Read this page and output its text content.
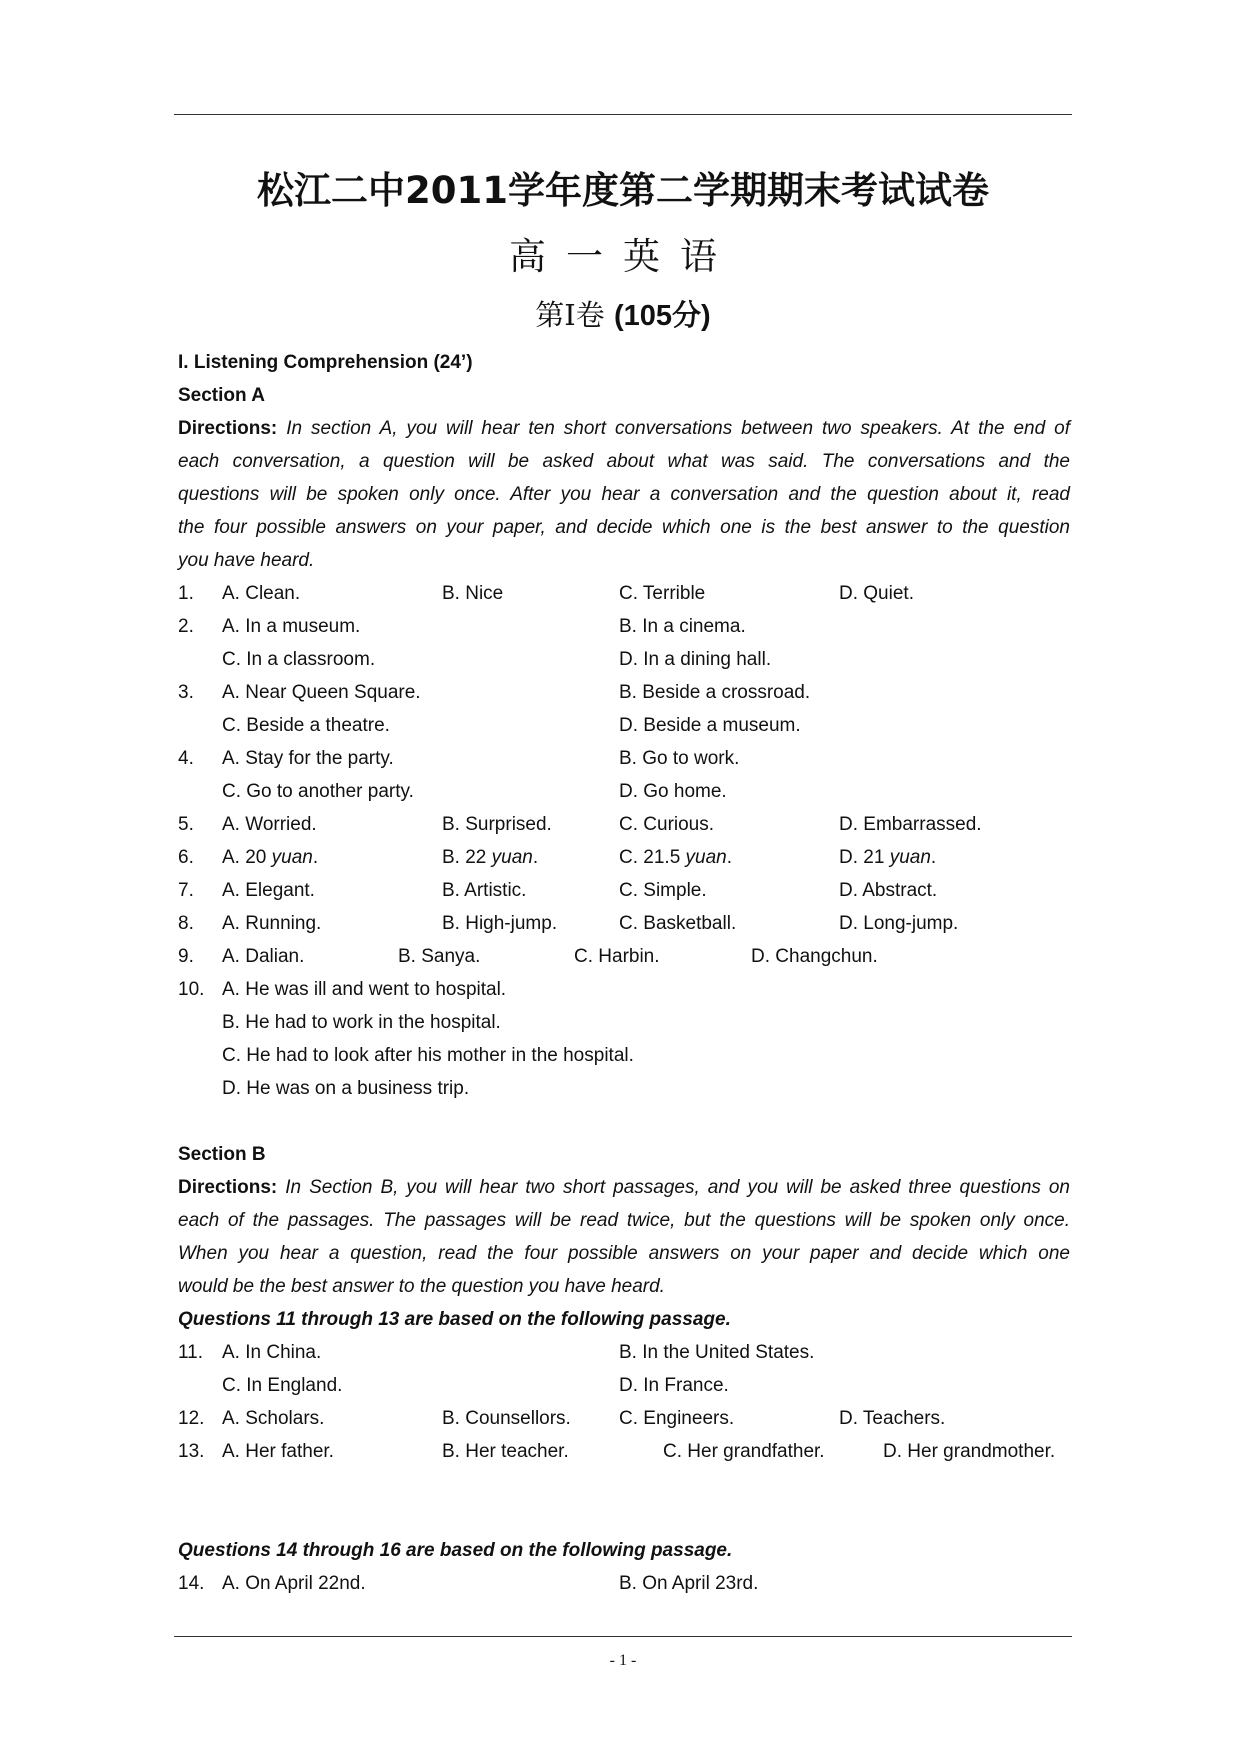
松江二中2011学年度第二学期期末考试试卷
高一英语
第Ⅰ卷 (105分)
I. Listening Comprehension (24’)
Section A
Directions: In section A, you will hear ten short conversations between two speakers. At the end of
each conversation, a question will be asked about what was said. The conversations and the
questions will be spoken only once. After you hear a conversation and the question about it, read
the four possible answers on your paper, and decide which one is the best answer to the question
you have heard.
1. A. Clean.	B. Nice	C. Terrible	D. Quiet.
2. A. In a museum.	B. In a cinema.
C. In a classroom.	D. In a dining hall.
3. A. Near Queen Square.	B. Beside a crossroad.
C. Beside a theatre.	D. Beside a museum.
4. A. Stay for the party.	B. Go to work.
C. Go to another party.	D. Go home.
5. A. Worried.	B. Surprised.	C. Curious.	D. Embarrassed.
6. A. 20 yuan.	B. 22 yuan.	C. 21.5 yuan.	D. 21 yuan.
7. A. Elegant.	B. Artistic.	C. Simple.	D. Abstract.
8. A. Running.	B. High-jump.	C. Basketball.	D. Long-jump.
9. A. Dalian.	B. Sanya.	C. Harbin.	D. Changchun.
10. A. He was ill and went to hospital.
B. He had to work in the hospital.
C. He had to look after his mother in the hospital.
D. He was on a business trip.
Section B
Directions: In Section B, you will hear two short passages, and you will be asked three questions on
each of the passages. The passages will be read twice, but the questions will be spoken only once.
When you hear a question, read the four possible answers on your paper and decide which one
would be the best answer to the question you have heard.
Questions 11 through 13 are based on the following passage.
11. A. In China.	B. In the United States.
C. In England.	D. In France.
12. A. Scholars.	B. Counsellors.	C. Engineers.	D. Teachers.
13. A. Her father.	B. Her teacher.	C. Her grandfather.	D. Her grandmother.
Questions 14 through 16 are based on the following passage.
14. A. On April 22nd.	B. On April 23rd.
- 1 -
